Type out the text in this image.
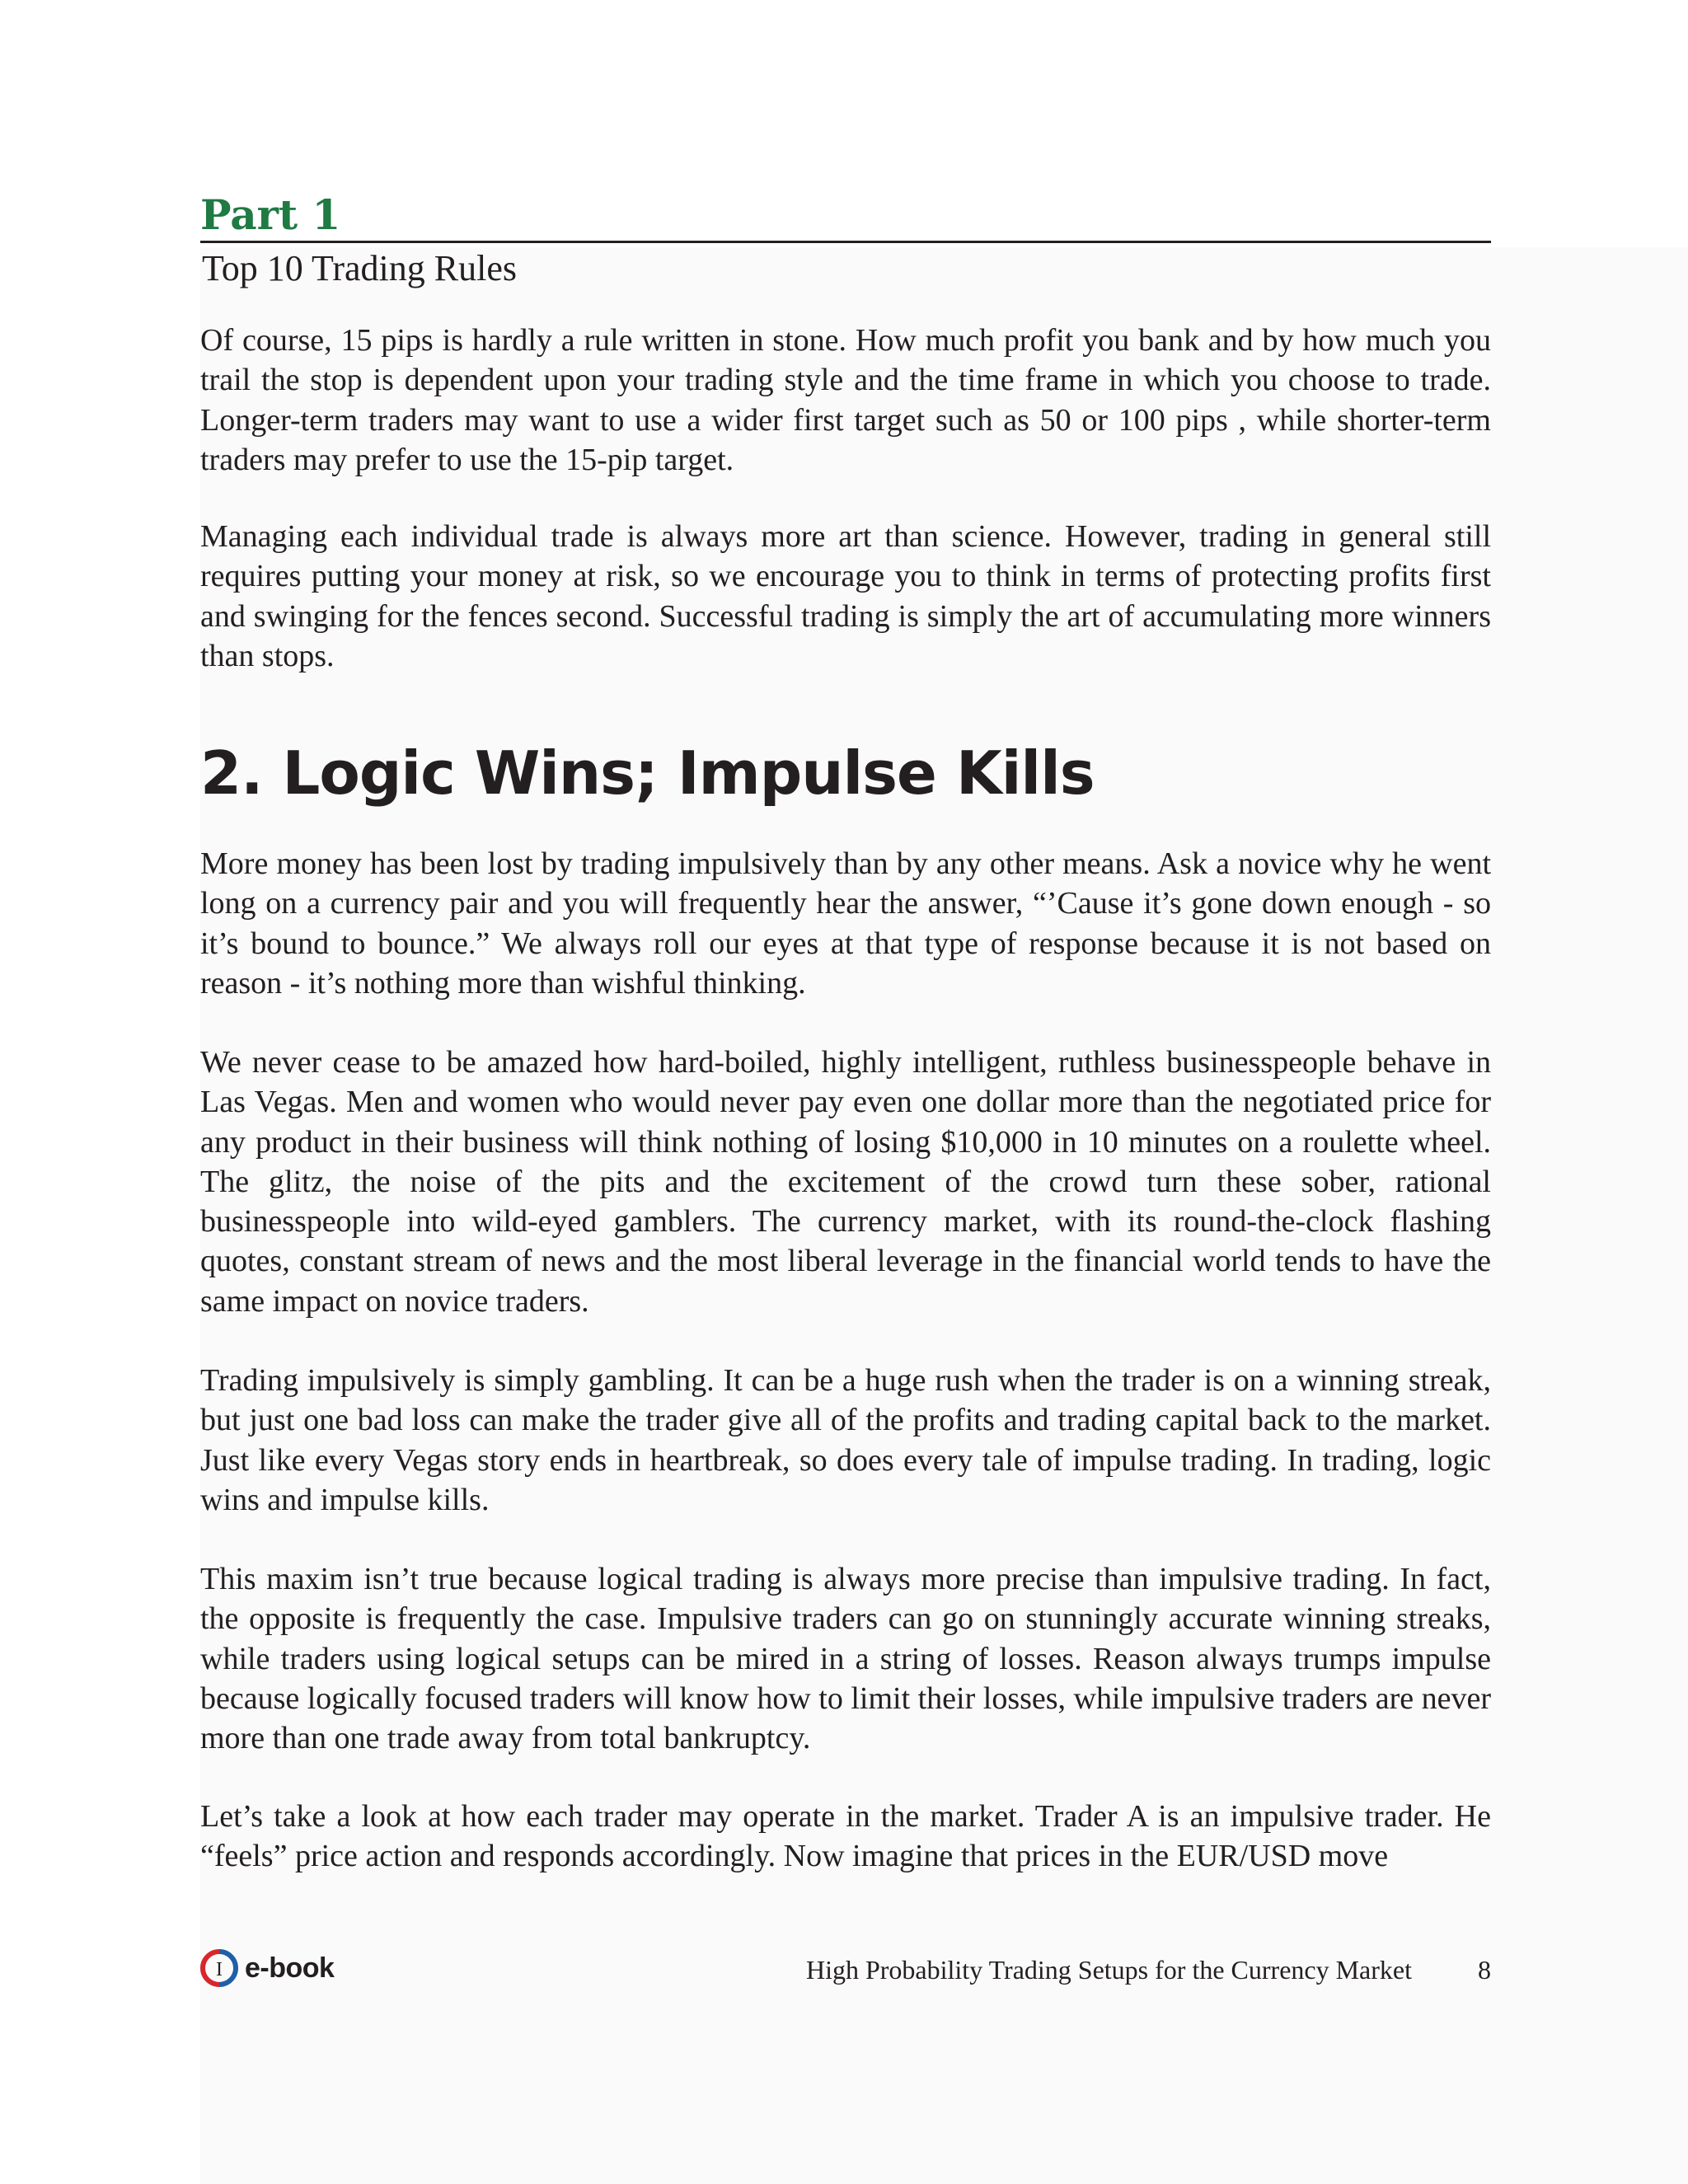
Part 1
Top 10 Trading Rules

Of course, 15 pips is hardly a rule written in stone. How much profit you bank and by how much you trail the stop is dependent upon your trading style and the time frame in which you choose to trade. Longer-term traders may want to use a wider first target such as 50 or 100 pips , while shorter-term traders may prefer to use the 15-pip target.

Managing each individual trade is always more art than science. However, trading in general still requires putting your money at risk, so we encourage you to think in terms of protecting profits first and swinging for the fences second. Successful trading is simply the art of accumulating more winners than stops.

2. Logic Wins; Impulse Kills

More money has been lost by trading impulsively than by any other means. Ask a novice why he went long on a currency pair and you will frequently hear the answer, “’Cause it’s gone down enough - so it’s bound to bounce.” We always roll our eyes at that type of response because it is not based on reason - it’s nothing more than wishful thinking.

We never cease to be amazed how hard-boiled, highly intelligent, ruthless businesspeople behave in Las Vegas. Men and women who would never pay even one dollar more than the negotiated price for any product in their business will think nothing of losing $10,000 in 10 minutes on a roulette wheel. The glitz, the noise of the pits and the excitement of the crowd turn these sober, rational businesspeople into wild-eyed gamblers. The currency market, with its round-the-clock flashing quotes, constant stream of news and the most liberal leverage in the financial world tends to have the same impact on novice traders.

Trading impulsively is simply gambling. It can be a huge rush when the trader is on a winning streak, but just one bad loss can make the trader give all of the profits and trading capital back to the market. Just like every Vegas story ends in heartbreak, so does every tale of impulse trading. In trading, logic wins and impulse kills.

This maxim isn’t true because logical trading is always more precise than impulsive trading. In fact, the opposite is frequently the case. Impulsive traders can go on stunningly accurate winning streaks, while traders using logical setups can be mired in a string of losses. Reason always trumps impulse because logically focused traders will know how to limit their losses, while impulsive traders are never more than one trade away from total bankruptcy.

Let’s take a look at how each trader may operate in the market. Trader A is an impulsive trader. He “feels” price action and responds accordingly. Now imagine that prices in the EUR/USD move

I e-book	High Probability Trading Setups for the Currency Market	8
